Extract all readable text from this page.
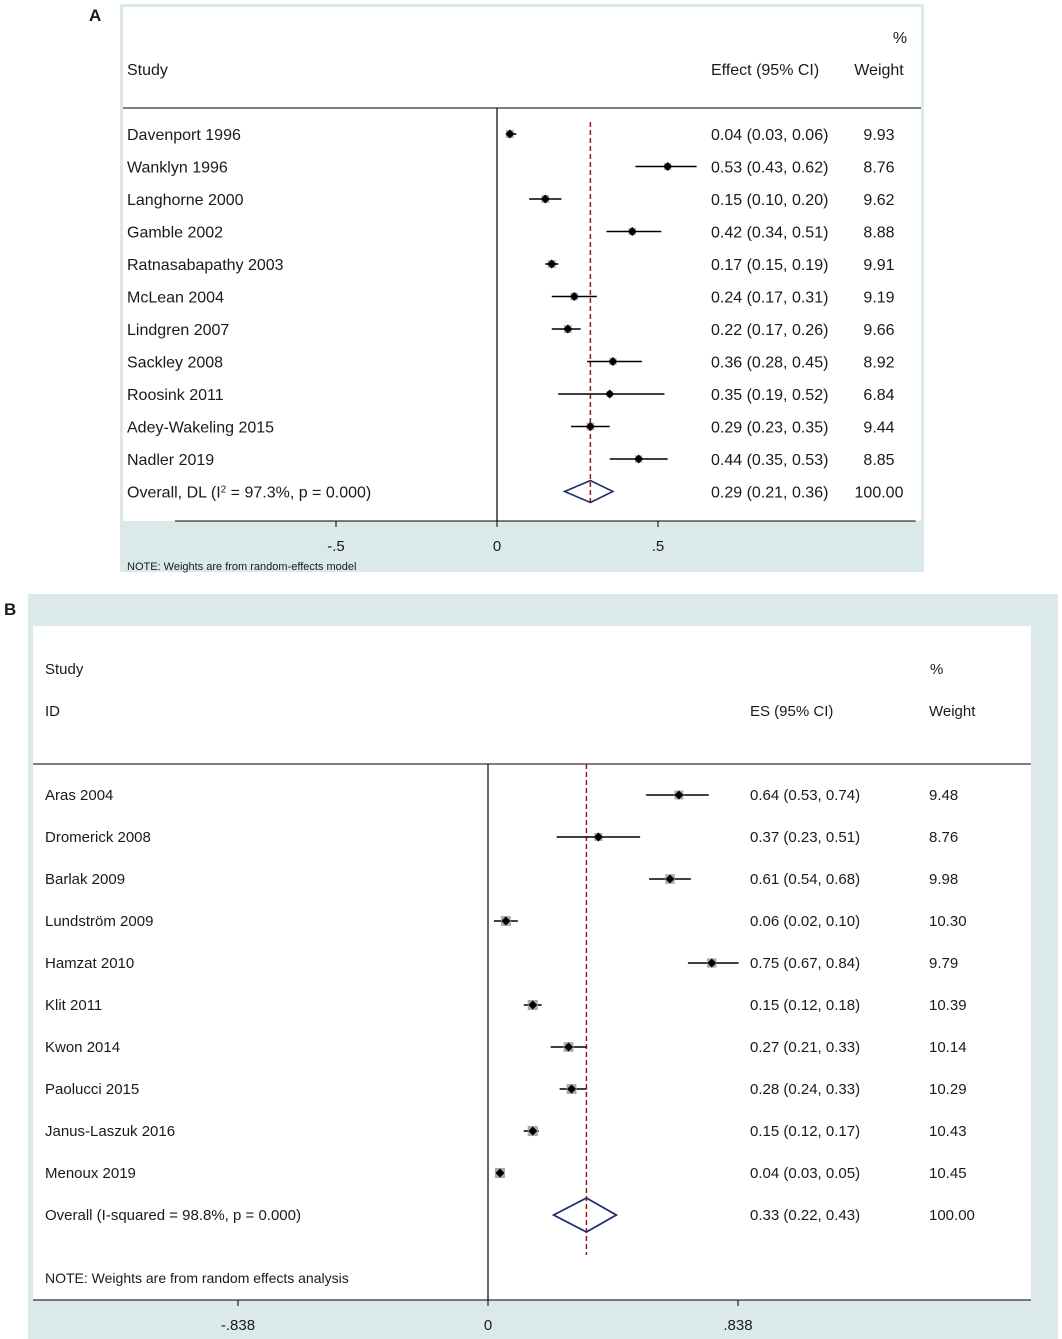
A
Study	Effect (95% CI)
%
Weight
-.5	0	.5
Davenport 1996	0.04 (0.03, 0.06) 9.93
Wanklyn 1996	0.53 (0.43, 0.62) 8.76
Langhorne 2000	0.15 (0.10, 0.20) 9.62
Gamble 2002	0.42 (0.34, 0.51) 8.88
Ratnasabapathy 2003	0.17 (0.15, 0.19) 9.91
McLean 2004	0.24 (0.17, 0.31) 9.19
Lindgren 2007	0.22 (0.17, 0.26) 9.66
Sackley 2008	0.36 (0.28, 0.45) 8.92
Roosink 2011	0.35 (0.19, 0.52) 6.84
Adey-Wakeling 2015	0.29 (0.23, 0.35) 9.44
Nadler 2019	0.44 (0.35, 0.53) 8.85
Overall, DL ($I^2 = 97.3\%$, p = 0.000)	0.29 (0.21, 0.36) 100.00
NOTE: Weights are from random-effects model
B
Study
ID	ES (95% CI)
%
Weight
-.838	0	.838
Aras 2004	0.64 (0.53, 0.74)	9.48
Dromerick 2008	0.37 (0.23, 0.51)	8.76
Barlak 2009	0.61 (0.54, 0.68)	9.98
Lundström 2009	0.06 (0.02, 0.10)	10.30
Hamzat 2010	0.75 (0.67, 0.84)	9.79
Klit 2011	0.15 (0.12, 0.18)	10.39
Kwon 2014	0.27 (0.21, 0.33)	10.14
Paolucci 2015	0.28 (0.24, 0.33)	10.29
Janus-Laszuk 2016	0.15 (0.12, 0.17)	10.43
Menoux 2019	0.04 (0.03, 0.05)	10.45
Overall (I-squared = 98.8%, p = 0.000)	0.33 (0.22, 0.43)	100.00
NOTE: Weights are from random effects analysis
